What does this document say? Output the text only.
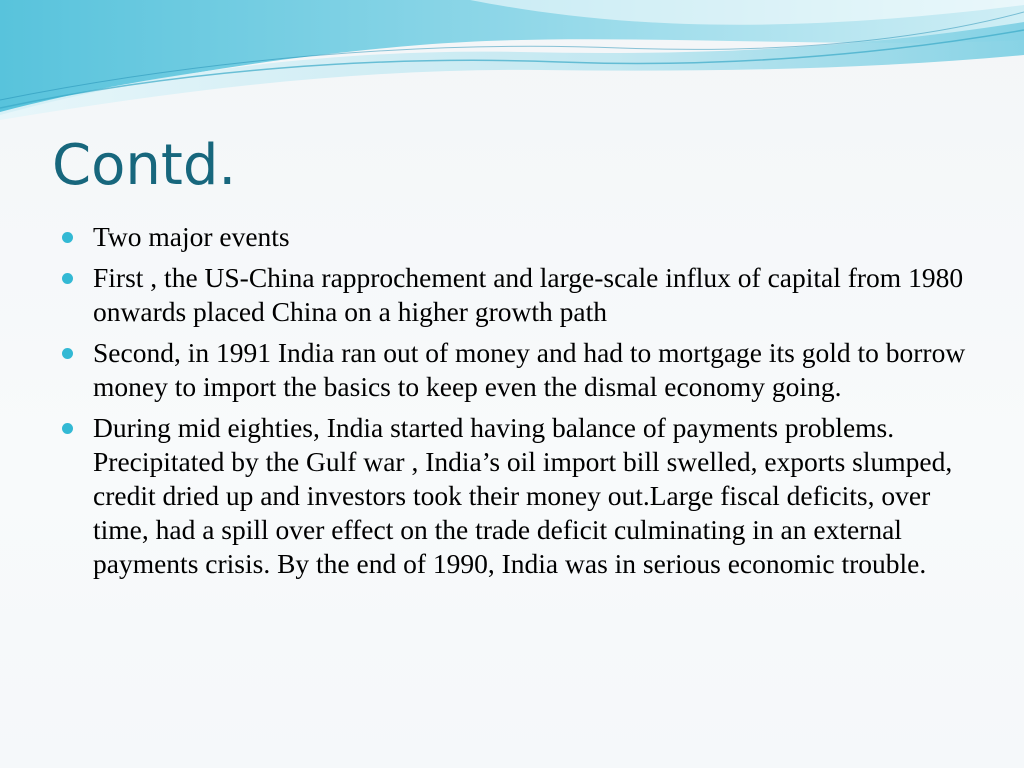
Contd.
Two major events
First , the US-China rapprochement and large-scale influx of capital from 1980 onwards placed China on a higher growth path
Second, in 1991 India ran out of money and had to mortgage its gold to borrow money to import the basics to keep even the dismal economy going.
During mid eighties, India started having balance of payments problems. Precipitated by the Gulf war , India’s oil import bill swelled, exports slumped, credit dried up and investors took their money out.Large fiscal deficits, over time, had a spill over effect on the trade deficit culminating in an external payments crisis. By the end of 1990, India was in serious economic trouble.
